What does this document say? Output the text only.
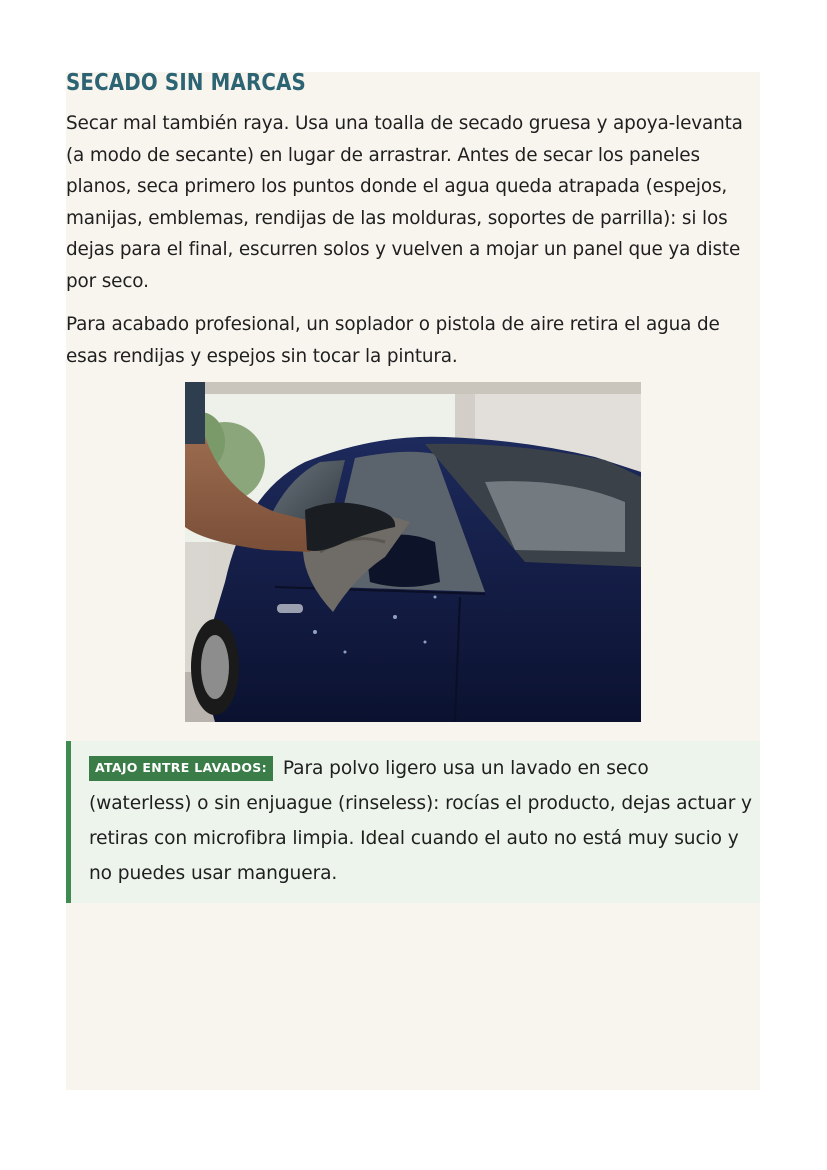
SECADO SIN MARCAS

Secar mal también raya. Usa una toalla de secado gruesa y apoya-levanta (a modo de secante) en lugar de arrastrar. Antes de secar los paneles planos, seca primero los puntos donde el agua queda atrapada (espejos, manijas, emblemas, rendijas de las molduras, soportes de parrilla): si los dejas para el final, escurren solos y vuelven a mojar un panel que ya diste por seco.

Para acabado profesional, un soplador o pistola de aire retira el agua de esas rendijas y espejos sin tocar la pintura.

ATAJO ENTRE LAVADOS: Para polvo ligero usa un lavado en seco (waterless) o sin enjuague (rinseless): rocías el producto, dejas actuar y retiras con microfibra limpia. Ideal cuando el auto no está muy sucio y no puedes usar manguera.
